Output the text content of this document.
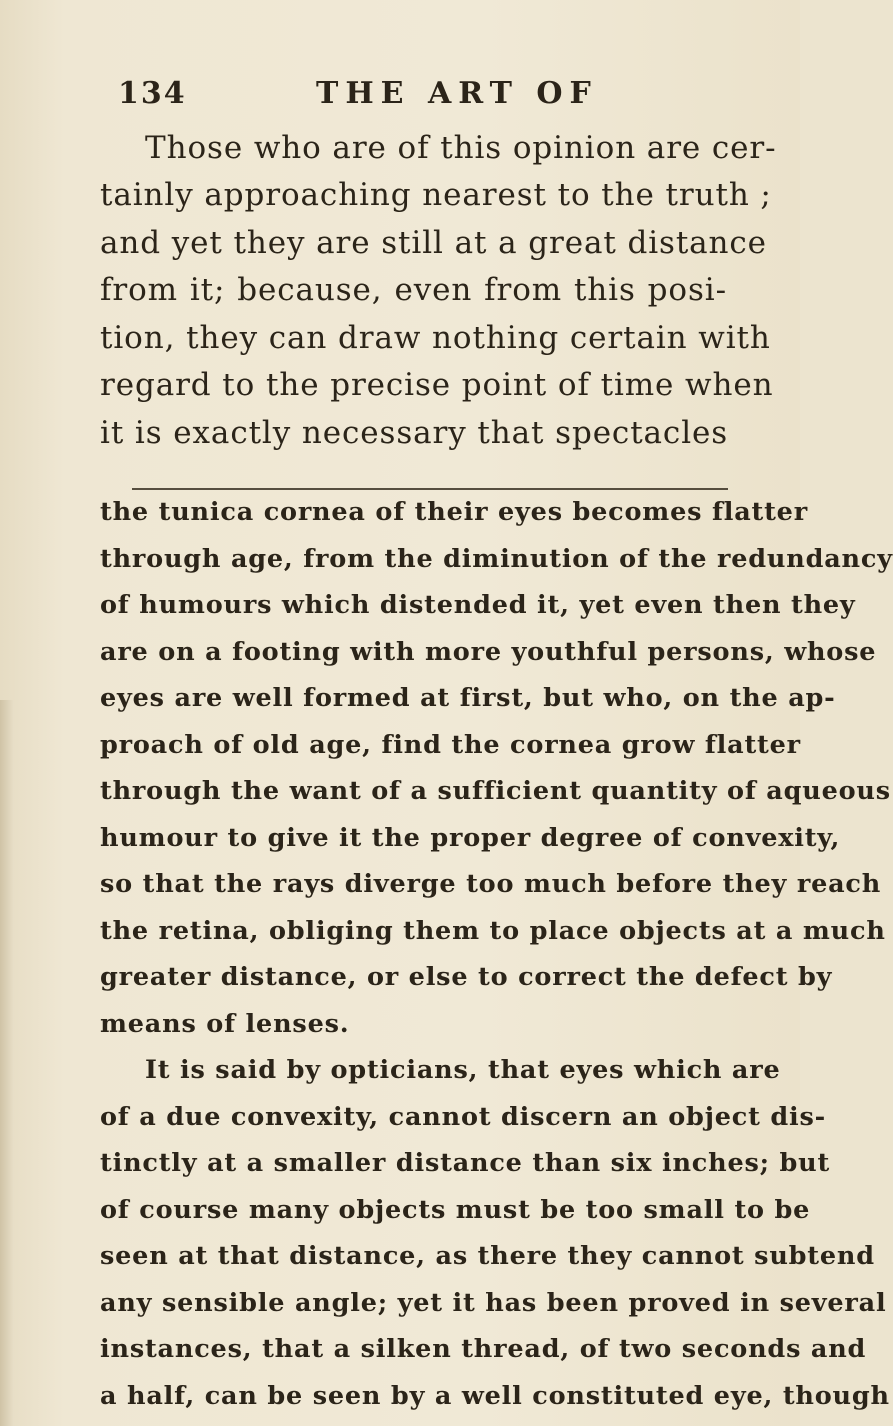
134	THE ART OF

Those who are of this opinion are cer-

tainly approaching nearest to the truth ;

and yet they are still at a great distance

from it; because, even from this posi-

tion, they can draw nothing certain with

regard to the precise point of time when

it is exactly necessary that spectacles

the tunica cornea of their eyes becomes flatter

through age, from the diminution of the redundancy

of humours which distended it, yet even then they

are on a footing with more youthful persons, whose

eyes are well formed at first, but who, on the ap-

proach of old age, find the cornea grow flatter

through the want of a sufficient quantity of aqueous

humour to give it the proper degree of convexity,

so that the rays diverge too much before they reach

the retina, obliging them to place objects at a much

greater distance, or else to correct the defect by

means of lenses.

It is said by opticians, that eyes which are

of a due convexity, cannot discern an object dis-

tinctly at a smaller distance than six inches; but

of course many objects must be too small to be

seen at that distance, as there they cannot subtend

any sensible angle; yet it has been proved in several

instances, that a silken thread, of two seconds and

a half, can be seen by a well constituted eye, though
